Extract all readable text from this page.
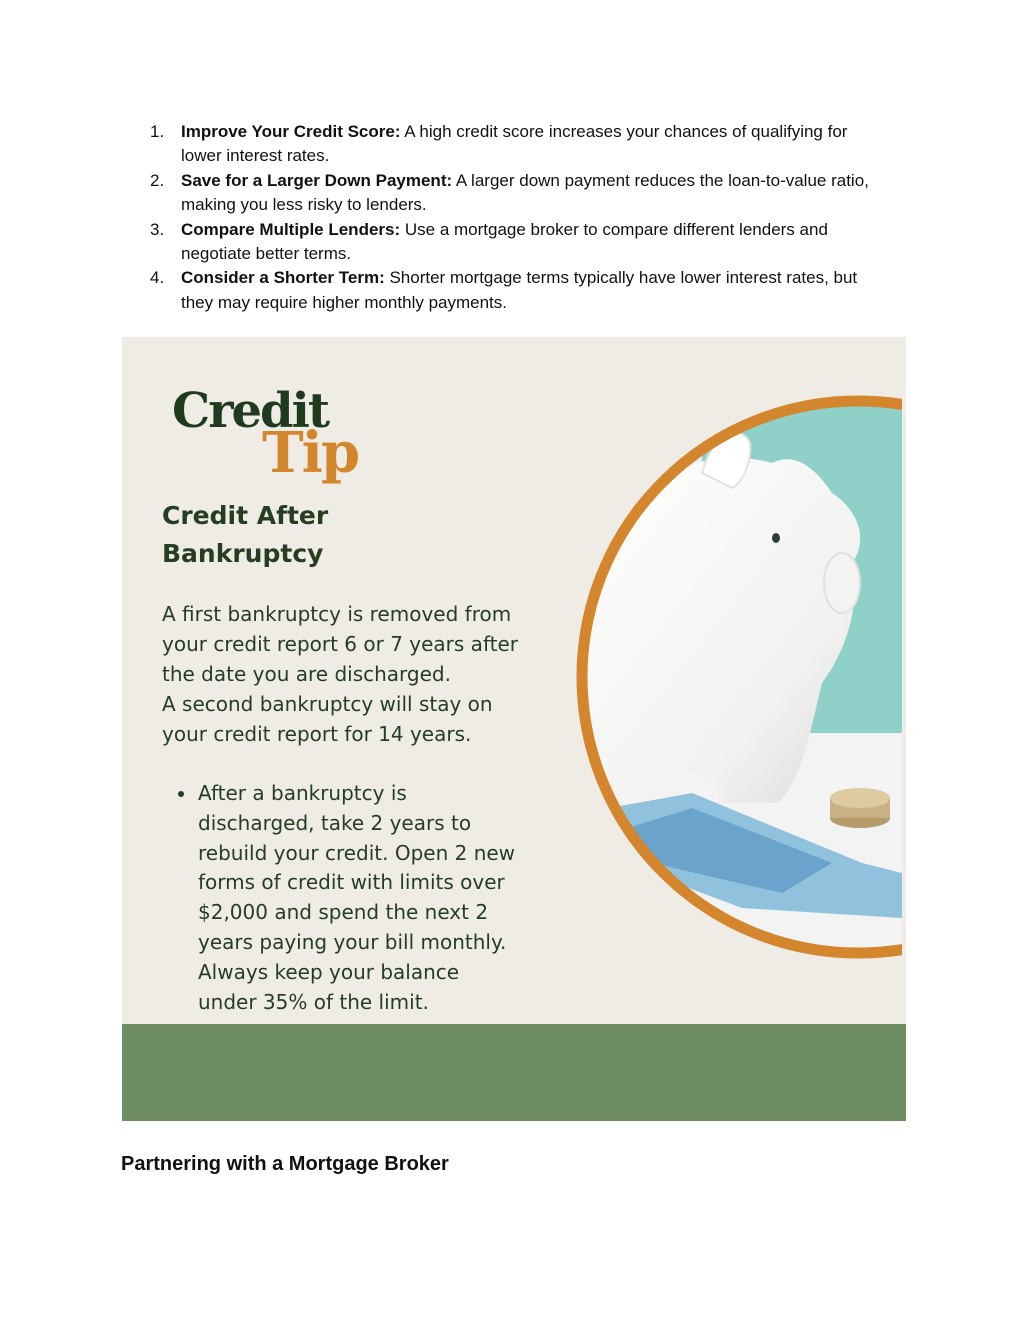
1. Improve Your Credit Score: A high credit score increases your chances of qualifying for lower interest rates.
2. Save for a Larger Down Payment: A larger down payment reduces the loan-to-value ratio, making you less risky to lenders.
3. Compare Multiple Lenders: Use a mortgage broker to compare different lenders and negotiate better terms.
4. Consider a Shorter Term: Shorter mortgage terms typically have lower interest rates, but they may require higher monthly payments.
Credit
Tip
Credit After
Bankruptcy

A first bankruptcy is removed from your credit report 6 or 7 years after the date you are discharged.

A second bankruptcy will stay on your credit report for 14 years.

After a bankruptcy is discharged, take 2 years to rebuild your credit. Open 2 new forms of credit with limits over $2,000 and spend the next 2 years paying your bill monthly. Always keep your balance under 35% of the limit.
Partnering with a Mortgage Broker
